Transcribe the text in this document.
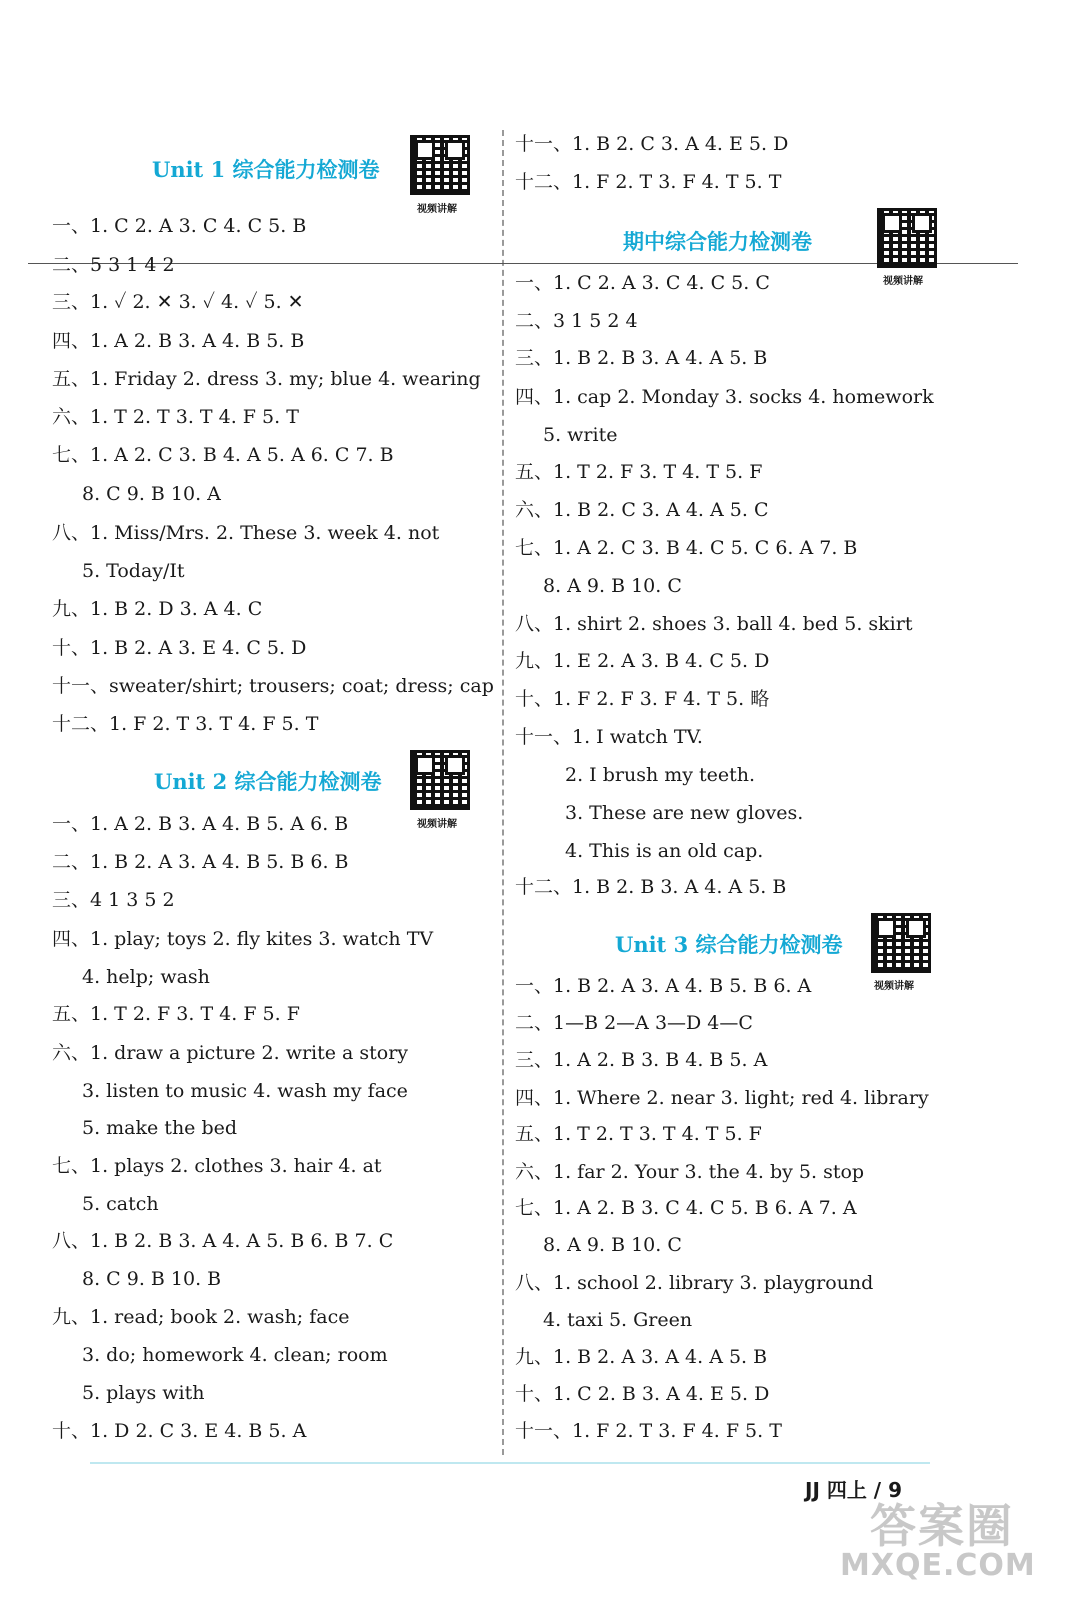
Unit 1 综合能力检测卷
视频讲解
一、1. C 2. A 3. C 4. C 5. B
二、5 3 1 4 2
三、1. ✓ 2. ✕ 3. ✓ 4. ✓ 5. ✕
四、1. A 2. B 3. A 4. B 5. B
五、1. Friday 2. dress 3. my; blue 4. wearing
六、1. T 2. T 3. T 4. F 5. T
七、1. A 2. C 3. B 4. A 5. A 6. C 7. B
8. C 9. B 10. A
八、1. Miss/Mrs. 2. These 3. week 4. not
5. Today/It
九、1. B 2. D 3. A 4. C
十、1. B 2. A 3. E 4. C 5. D
十一、sweater/shirt; trousers; coat; dress; cap
十二、1. F 2. T 3. T 4. F 5. T
Unit 2 综合能力检测卷
视频讲解
一、1. A 2. B 3. A 4. B 5. A 6. B
二、1. B 2. A 3. A 4. B 5. B 6. B
三、4 1 3 5 2
四、1. play; toys 2. fly kites 3. watch TV
4. help; wash
五、1. T 2. F 3. T 4. F 5. F
六、1. draw a picture 2. write a story
3. listen to music 4. wash my face
5. make the bed
七、1. plays 2. clothes 3. hair 4. at
5. catch
八、1. B 2. B 3. A 4. A 5. B 6. B 7. C
8. C 9. B 10. B
九、1. read; book 2. wash; face
3. do; homework 4. clean; room
5. plays with
十、1. D 2. C 3. E 4. B 5. A
十一、1. B 2. C 3. A 4. E 5. D
十二、1. F 2. T 3. F 4. T 5. T
期中综合能力检测卷
视频讲解
一、1. C 2. A 3. C 4. C 5. C
二、3 1 5 2 4
三、1. B 2. B 3. A 4. A 5. B
四、1. cap 2. Monday 3. socks 4. homework
5. write
五、1. T 2. F 3. T 4. T 5. F
六、1. B 2. C 3. A 4. A 5. C
七、1. A 2. C 3. B 4. C 5. C 6. A 7. B
8. A 9. B 10. C
八、1. shirt 2. shoes 3. ball 4. bed 5. skirt
九、1. E 2. A 3. B 4. C 5. D
十、1. F 2. F 3. F 4. T 5. 略
十一、1. I watch TV.
2. I brush my teeth.
3. These are new gloves.
4. This is an old cap.
十二、1. B 2. B 3. A 4. A 5. B
Unit 3 综合能力检测卷
视频讲解
一、1. B 2. A 3. A 4. B 5. B 6. A
二、1—B 2—A 3—D 4—C
三、1. A 2. B 3. B 4. B 5. A
四、1. Where 2. near 3. light; red 4. library
五、1. T 2. T 3. T 4. T 5. F
六、1. far 2. Your 3. the 4. by 5. stop
七、1. A 2. B 3. C 4. C 5. B 6. A 7. A
8. A 9. B 10. C
八、1. school 2. library 3. playground
4. taxi 5. Green
九、1. B 2. A 3. A 4. A 5. B
十、1. C 2. B 3. A 4. E 5. D
十一、1. F 2. T 3. F 4. F 5. T
JJ 四上 / 9
答案圈
MXQE.COM
